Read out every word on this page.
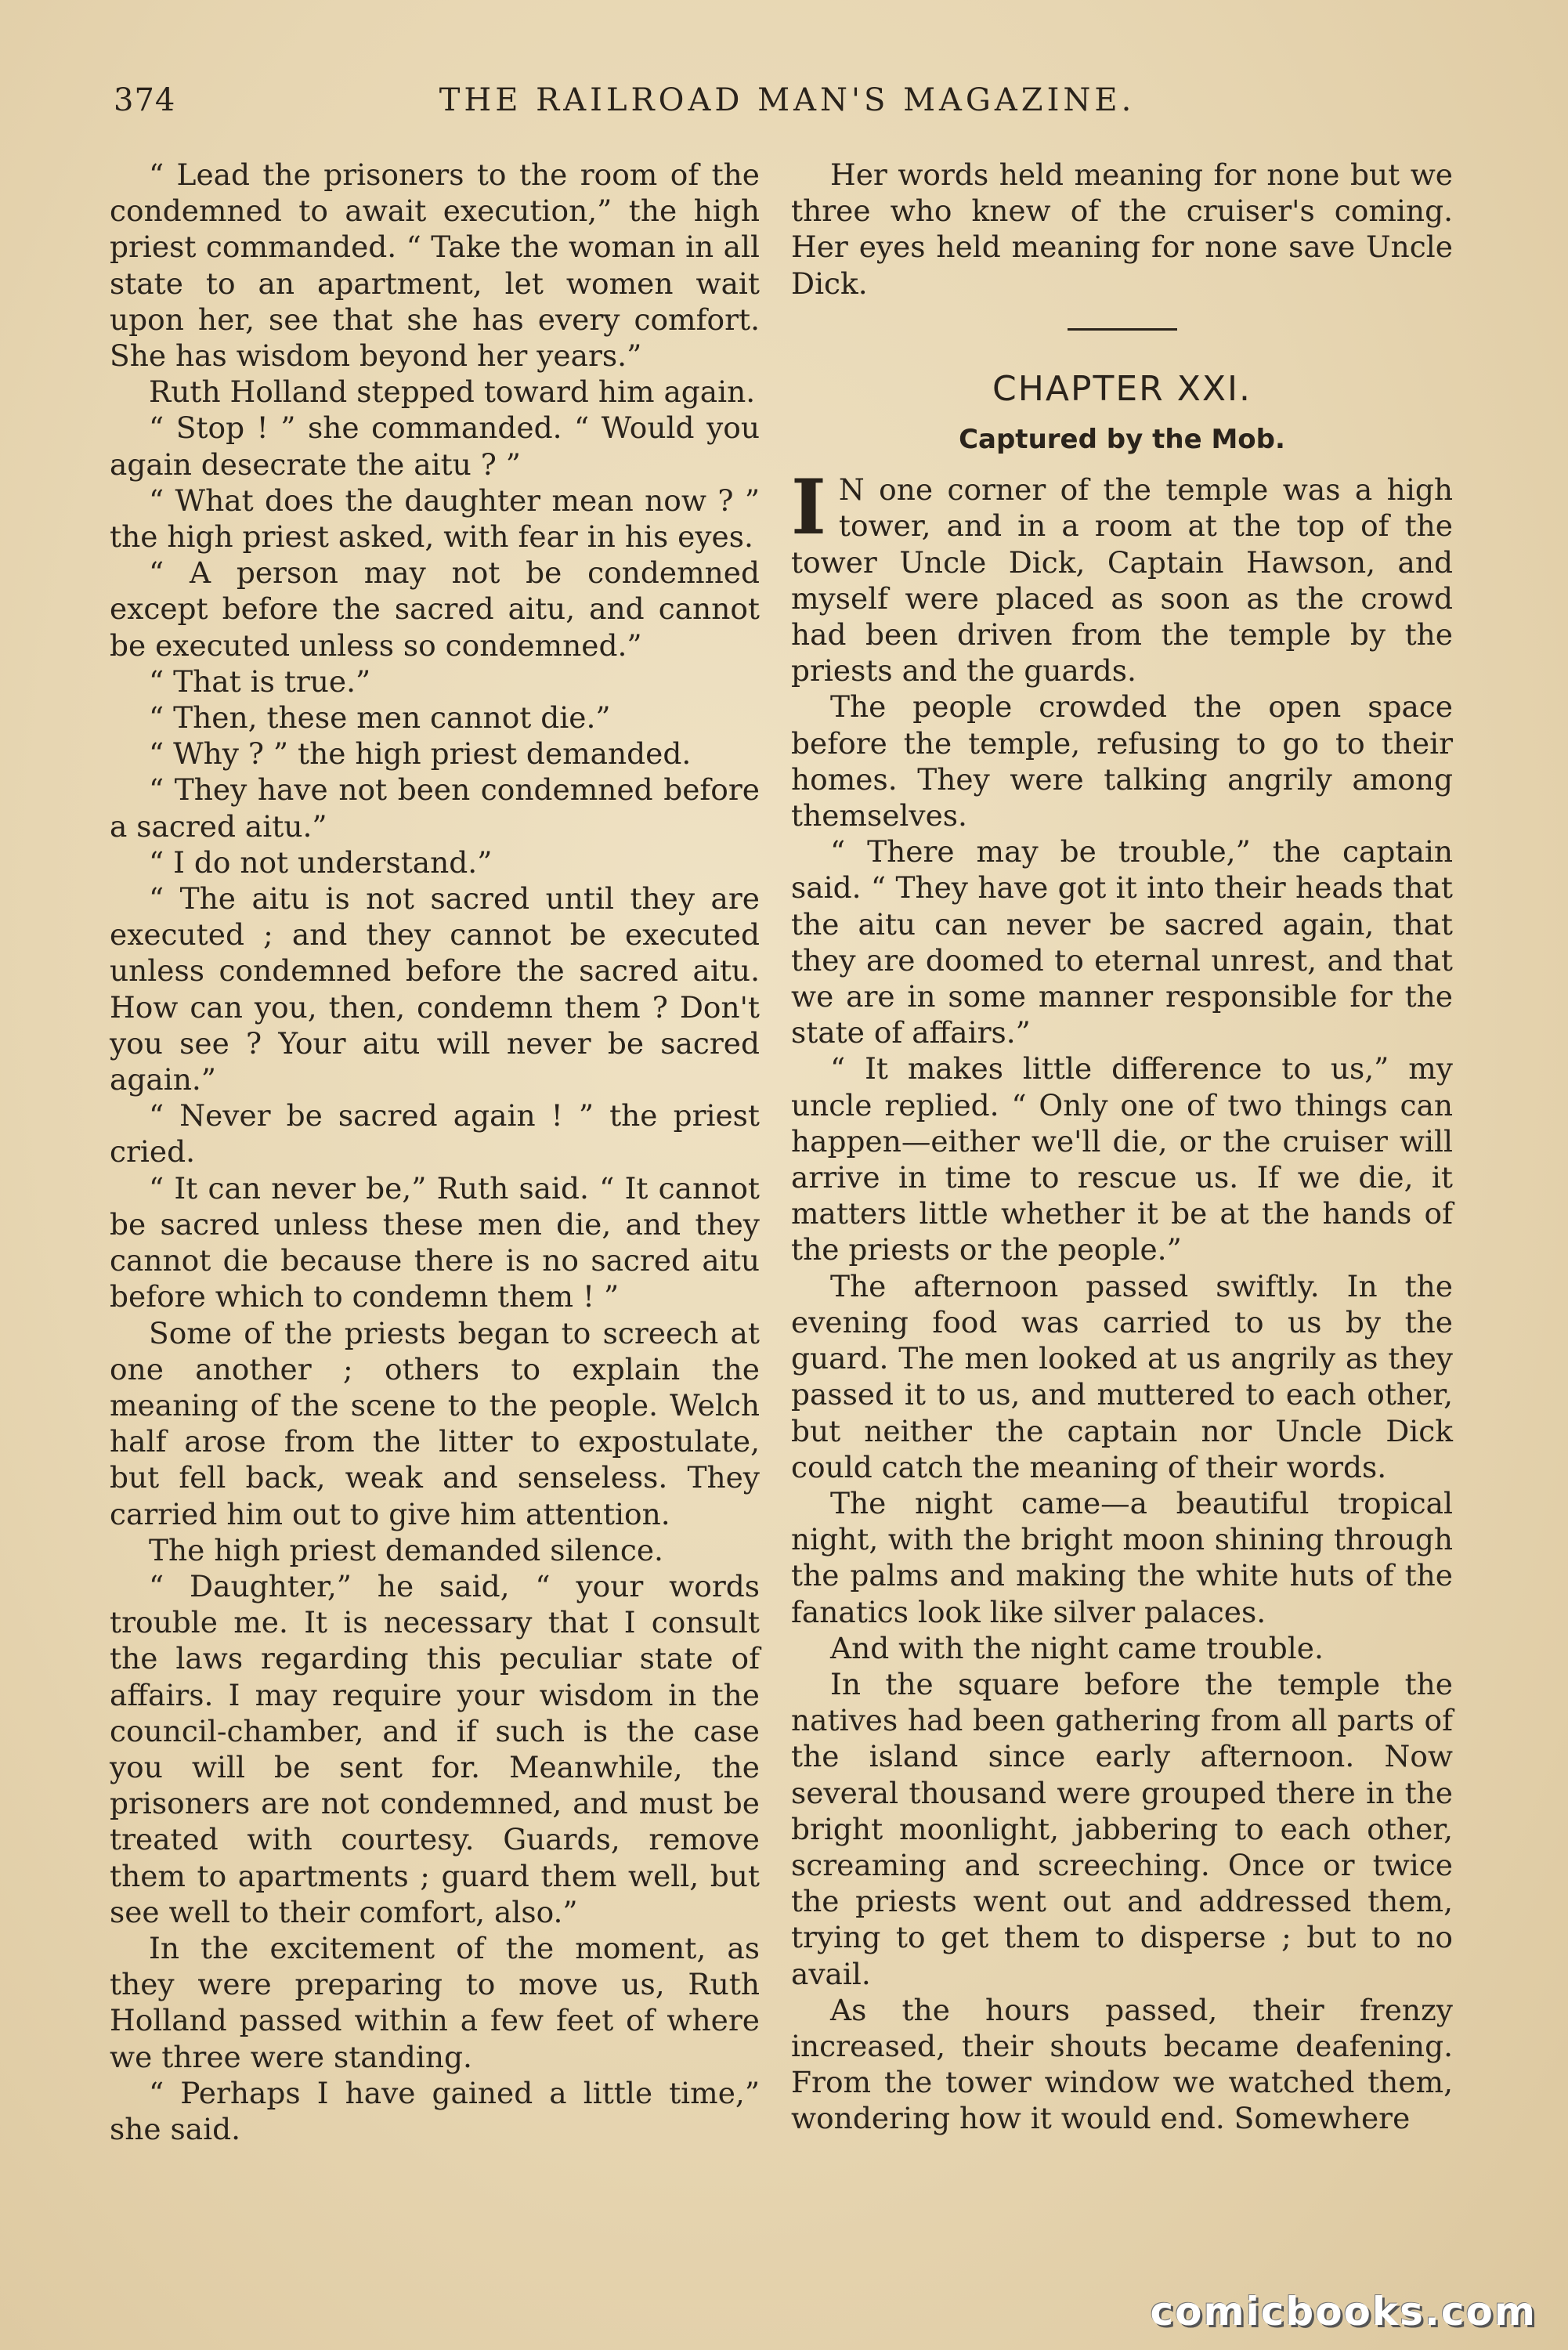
374	THE RAILROAD MAN'S MAGAZINE.

“ Lead the prisoners to the room of the condemned to await execution,” the high priest commanded. “ Take the woman in all state to an apartment, let women wait upon her, see that she has every comfort. She has wisdom beyond her years.”

Ruth Holland stepped toward him again.

“ Stop ! ” she commanded. “ Would you again desecrate the aitu ? ”

“ What does the daughter mean now ? ” the high priest asked, with fear in his eyes.

“ A person may not be condemned except before the sacred aitu, and cannot be executed unless so condemned.”

“ That is true.”

“ Then, these men cannot die.”

“ Why ? ” the high priest demanded.

“ They have not been condemned before a sacred aitu.”

“ I do not understand.”

“ The aitu is not sacred until they are executed ; and they cannot be executed unless condemned before the sacred aitu. How can you, then, condemn them ? Don't you see ? Your aitu will never be sacred again.”

“ Never be sacred again ! ” the priest cried.

“ It can never be,” Ruth said. “ It cannot be sacred unless these men die, and they cannot die because there is no sacred aitu before which to condemn them ! ”

Some of the priests began to screech at one another ; others to explain the meaning of the scene to the people. Welch half arose from the litter to expostulate, but fell back, weak and senseless. They carried him out to give him attention.

The high priest demanded silence.

“ Daughter,” he said, “ your words trouble me. It is necessary that I consult the laws regarding this peculiar state of affairs. I may require your wisdom in the council-chamber, and if such is the case you will be sent for. Meanwhile, the prisoners are not condemned, and must be treated with courtesy. Guards, remove them to apartments ; guard them well, but see well to their comfort, also.”

In the excitement of the moment, as they were preparing to move us, Ruth Holland passed within a few feet of where we three were standing.

“ Perhaps I have gained a little time,” she said.

Her words held meaning for none but we three who knew of the cruiser's coming. Her eyes held meaning for none save Uncle Dick.

CHAPTER XXI.
Captured by the Mob.

I N one corner of the temple was a high tower, and in a room at the top of the tower Uncle Dick, Captain Hawson, and myself were placed as soon as the crowd had been driven from the temple by the priests and the guards.

The people crowded the open space before the temple, refusing to go to their homes. They were talking angrily among themselves.

“ There may be trouble,” the captain said. “ They have got it into their heads that the aitu can never be sacred again, that they are doomed to eternal unrest, and that we are in some manner responsible for the state of affairs.”

“ It makes little difference to us,” my uncle replied. “ Only one of two things can happen—either we'll die, or the cruiser will arrive in time to rescue us. If we die, it matters little whether it be at the hands of the priests or the people.”

The afternoon passed swiftly. In the evening food was carried to us by the guard. The men looked at us angrily as they passed it to us, and muttered to each other, but neither the captain nor Uncle Dick could catch the meaning of their words.

The night came—a beautiful tropical night, with the bright moon shining through the palms and making the white huts of the fanatics look like silver palaces.

And with the night came trouble.

In the square before the temple the natives had been gathering from all parts of the island since early afternoon. Now several thousand were grouped there in the bright moonlight, jabbering to each other, screaming and screeching. Once or twice the priests went out and addressed them, trying to get them to disperse ; but to no avail.

As the hours passed, their frenzy increased, their shouts became deafening. From the tower window we watched them, wondering how it would end. Somewhere

comicbooks.com
